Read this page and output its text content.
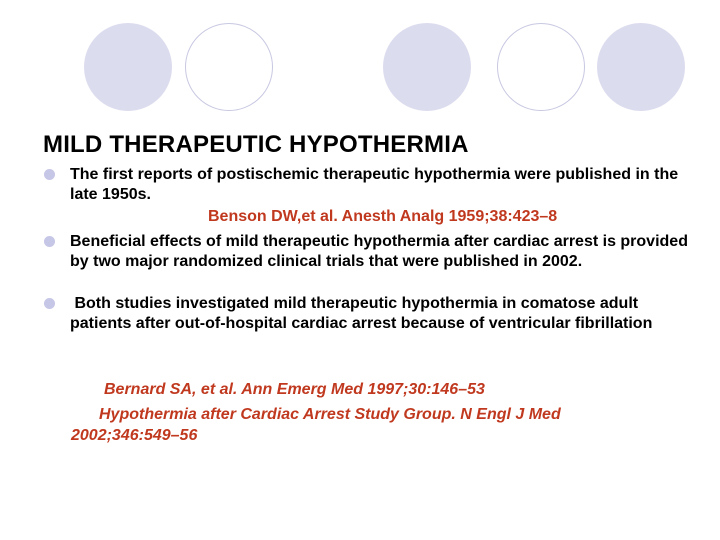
MILD THERAPEUTIC HYPOTHERMIA

The first reports of postischemic therapeutic hypothermia were published in the late 1950s.

Benson DW,et al. Anesth Analg 1959;38:423–8

Beneficial effects of mild therapeutic hypothermia after cardiac arrest is provided by two major randomized clinical trials that were published in 2002.

Both studies investigated mild therapeutic hypothermia in comatose adult patients after out-of-hospital cardiac arrest because of ventricular fibrillation

Bernard SA, et al. Ann Emerg Med 1997;30:146–53

Hypothermia after Cardiac Arrest Study Group. N Engl J Med

2002;346:549–56
